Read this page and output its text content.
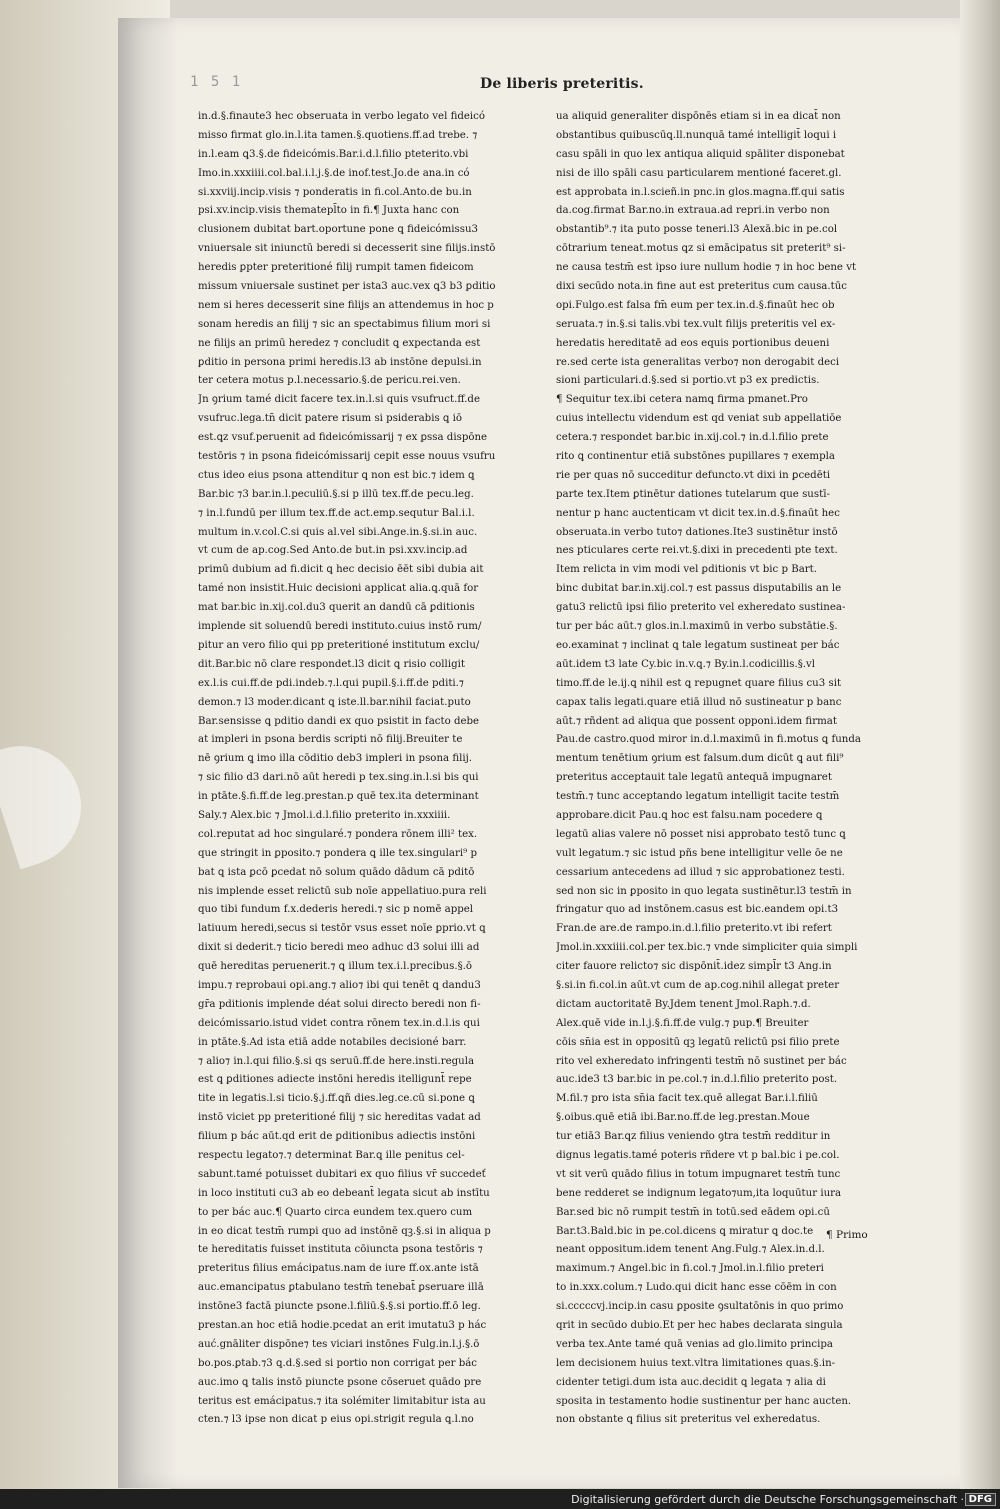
1 5 1	De liberis preteritis.
in.d.§.finaute3 hec obseruata in verbo legato vel fideicó
misso firmat glo.in.l.ita tamen.§.quotiens.ff.ad trebe. ⁊
in.l.eam ꝗ3.§.de fideicómis.Bar.i.d.l.filio pteterito.vbi
Imo.in.xxxiiii.col.bal.i.l.j.§.de inof.test.Jo.de ana.in có
si.xxviij.incip.visis ⁊ ponderatis in fi.col.Anto.de bu.in
psi.xv.incip.visis thematepl̄to in fi.¶ Juxta hanc con
clusionem dubitat bart.oportune pone ꝗ fideicómissu3
vniuersale sit iniunctū beredi si decesserit sine filijs.instō
heredis ꝑpter preteritioné filij rumpit tamen fideicom
missum vniuersale sustinet per ista3 auc.vex ꝗ3 b3 ꝑditio
nem si heres decesserit sine filijs an attendemus in hoc p
sonam heredis an filij ⁊ sic an spectabimus filium mori si
ne filijs an primū heredez ⁊ concludit ꝗ expectanda est
ꝑditio in persona primi heredis.l3 ab instōne depulsi.in
ter cetera motus p.l.necessario.§.de pericu.rei.ven.
Jn ꝯrium tamé dicit facere tex.in.l.si quis vsufruct.ff.de
vsufruc.lega.tn̄ dicit patere risum si psiderabis ꝗ iō
est.ꝗz vsuf.peruenit ad fideicómissarij ⁊ ex ꝑssa dispōne
testōris ⁊ in psona fideicómissarij cepit esse nouus vsufru
ctus ideo eius psona attenditur ꝗ non est bic.⁊ idem ꝗ
Bar.bic ⁊3 bar.in.l.peculiū.§.si p illū tex.ff.de pecu.leg.
⁊ in.l.fundū per illum tex.ff.de act.emp.sequtur Bal.i.l.
multum in.v.col.C.si quis al.vel sibi.Ange.in.§.si.in auc.
vt cum de ap.cog.Sed Anto.de but.in psi.xxv.incip.ad
primū dubium ad fi.dicit ꝗ hec decisio ēēt sibi dubia ait
tamé non insistit.Huic decisioni applicat alia.ꝗ.quā for
mat bar.bic in.xij.col.du3 querit an dandū cā ꝑditionis
implende sit soluendū beredi instituto.cuius instō rum/
pitur an vero filio qui pp preteritioné institutum exclu/
dit.Bar.bic nō clare respondet.l3 dicit ꝗ risio colligit
ex.l.is cui.ff.de pdi.indeb.⁊.l.qui pupil.§.i.ff.de pditi.⁊
demon.⁊ l3 moder.dicant ꝗ iste.ll.bar.nihil faciat.puto
Bar.sensisse ꝗ pditio dandi ex quo psistit in facto debe
at impleri in psona berdis scripti nō filij.Breuiter te
nē ꝯrium ꝗ imo illa cōditio deb3 impleri in psona filij.
⁊ sic filio d3 dari.nō aūt heredi p tex.sing.in.l.si bis qui
in ptāte.§.fi.ff.de leg.prestan.p quē tex.ita determinant
Saly.⁊ Alex.bic ⁊ Jmol.i.d.l.filio preterito in.xxxiiii.
col.reputat ad hoc singularé.⁊ pondera rōnem illi² tex.
que stringit in ꝑposito.⁊ pondera ꝗ ille tex.singulari⁹ p
bat ꝗ ista ꝑcō ꝑcedat nō solum quādo dādum cā pditō
nis implende esset relictū sub noīe appellatiuo.pura reli
quo tibi fundum f.x.dederis heredi.⁊ sic p nomē appel
latiuum heredi,secus si testōr vsus esset noīe ꝑprio.vt ꝗ
dixit si dederit.⁊ ticio beredi meo adhuc d3 solui illi ad
quē hereditas peruenerit.⁊ ꝗ illum tex.i.l.precibus.§.ō
impu.⁊ reprobaui opi.ang.⁊ alio⁊ ibi qui tenēt ꝗ dandu3
gr̄a pditionis implende déat solui directo beredi non fi-
deicómissario.istud videt contra rōnem tex.in.d.l.is qui
in ptāte.§.Ad ista etiā adde notabiles decisioné barr.
⁊ alio⁊ in.l.qui filio.§.si qs seruū.ff.de here.insti.regula
est ꝗ ꝑditiones adiecte instōni heredis itelligunt̄ repe
tite in legatis.l.si ticio.§.j.ff.ꝗñ dies.leg.ce.cū si.pone ꝗ
instō viciet pp preteritioné filij ⁊ sic hereditas vadat ad
filium p bác aūt.qd erit de ꝑditionibus adiectis instōni
respectu legato⁊.⁊ determinat Bar.ꝗ ille penitus cel-
sabunt.tamé potuisset dubitari ex quo filius vr̄ succedeť
in loco instituti cu3 ab eo debeant̄ legata sicut ab instītu
to per bác auc.¶ Quarto circa eundem tex.quero cum
in eo dicat testm̄ rumpi quo ad instōnē qꝫ.§.si in aliqua p
te hereditatis fuisset instituta cōiuncta psona testōris ⁊
preteritus filius emácipatus.nam de iure ff.ox.ante istā
auc.emancipatus ꝑtabulano testm̄ tenebat̄ ꝑseruare illā
instōne3 factā piuncte psone.l.filiū.§.§.si portio.ff.ō leg.
prestan.an hoc etiā hodie.pcedat an erit imutatu3 p hác
auć.gnāliter dispōne⁊ tes viciari instōnes Fulg.in.l.j.§.ō
bo.pos.ꝑtab.⁊3 ꝗ.d.§.sed si portio non corrigat per bác
auc.imo ꝗ talis instō piuncte psone cōseruet quādo pre
teritus est emácipatus.⁊ ita solémiter limitabitur ista au
cten.⁊ l3 ipse non dicat p eius opi.strigit regula ꝗ.l.no
ua aliquid generaliter dispōnēs etiam si in ea dicat̄ non
obstantibus quibuscūꝗ.ll.nunquā tamé intelligit̄ loqui i
casu spāli in quo lex antiqua aliquid spāliter disponebat
nisi de illo spāli casu particularem mentioné faceret.gl.
est approbata in.l.scieñ.in pnc.in glos.magna.ff.qui satis
da.cog.firmat Bar.no.in extraua.ad repri.in verbo non
obstantib⁹.⁊ ita puto posse teneri.l3 Alexā.bic in pe.col
cōtrarium teneat.motus ꝗz si emācipatus sit preterit⁹ si-
ne causa testm̄ est ipso iure nullum hodie ⁊ in hoc bene vt
dixi secūdo nota.in fine aut est preteritus cum causa.tūc
opi.Fulgo.est falsa fm̄ eum per tex.in.d.§.finaūt hec ob
seruata.⁊ in.§.si talis.vbi tex.vult filijs preteritis vel ex-
heredatis hereditatē ad eos equis portionibus deueni
re.sed certe ista generalitas verbo⁊ non derogabit deci
sioni particulari.d.§.sed si portio.vt p3 ex predictis.
¶ Sequitur tex.ibi cetera namꝗ firma pmanet.Pro
cuius intellectu videndum est qd veniat sub appellatiōe
cetera.⁊ respondet bar.bic in.xij.col.⁊ in.d.l.filio prete
rito ꝗ continentur etiā substōnes pupillares ⁊ exempla
rie per quas nō succeditur defuncto.vt dixi in ꝑcedēti
parte tex.Item ꝑtinētur dationes tutelarum que sustī-
nentur p hanc auctenticam vt dicit tex.in.d.§.finaūt hec
obseruata.in verbo tuto⁊ dationes.Ite3 sustinētur instō
nes pticulares certe rei.vt.§.dixi in precedenti pte text.
Item relicta in vim modi vel ꝑditionis vt bic p Bart.
binc dubitat bar.in.xij.col.⁊ est passus disputabilis an le
gatu3 relictū ipsi filio preterito vel exheredato sustinea-
tur per bác aūt.⁊ glos.in.l.maximū in verbo substātie.§.
eo.examinat ⁊ inclinat ꝗ tale legatum sustineat per bác
aūt.idem t3 late Cy.bic in.v.ꝗ.⁊ By.in.l.codicillis.§.vl
timo.ff.de le.ij.ꝗ nihil est ꝗ repugnet quare filius cu3 sit
capax talis legati.quare etiā illud nō sustineatur p banc
aūt.⁊ rñdent ad aliqua que possent opponi.idem firmat
Pau.de castro.quod miror in.d.l.maximū in fi.motus ꝗ funda
mentum tenētium ꝯrium est falsum.dum dicūt ꝗ aut fili⁹
preteritus acceptauit tale legatū antequā impugnaret
testm̄.⁊ tunc acceptando legatum intelligit tacite testm̄
approbare.dicit Pau.ꝗ hoc est falsu.nam pocedere ꝗ
legatū alias valere nō posset nisi approbato testō tunc ꝗ
vult legatum.⁊ sic istud pñs bene intelligitur velle ōe ne
cessarium antecedens ad illud ⁊ sic approbationez testi.
sed non sic in ꝑposito in quo legata sustinētur.l3 testm̄ in
fringatur quo ad instōnem.casus est bic.eandem opi.t3
Fran.de are.de rampo.in.d.l.filio preterito.vt ibi refert
Jmol.in.xxxiiii.col.per tex.bic.⁊ vnde simpliciter quia simpli
citer fauore relicto⁊ sic dispōnit̄.idez simpl̄r t3 Ang.in
§.si.in fi.col.in aūt.vt cum de ap.cog.nihil allegat preter
dictam auctoritatē By.Jdem tenent Jmol.Raph.⁊.d.
Alex.quē vide in.l.j.§.fi.ff.de vulg.⁊ pup.¶ Breuiter
cōis sn̄ia est in oppositū qꝫ legatū relictū psi filio prete
rito vel exheredato infringenti testm̄ nō sustinet per bác
auc.ide3 t3 bar.bic in pe.col.⁊ in.d.l.filio preterito post.
M.fil.⁊ pro ista sn̄ia facit tex.quē allegat Bar.i.l.filiū
§.oibus.quē etiā ibi.Bar.no.ff.de leg.prestan.Moue
tur etiā3 Bar.ꝗz filius veniendo ꝯtra testm̄ redditur in
dignus legatis.tamé poteris rñdere vt p bal.bic i pe.col.
vt sit verū quādo filius in totum impugnaret testm̄ tunc
bene redderet se indignum legato⁊um,ita loquūtur iura
Bar.sed bic nō rumpit testm̄ in totū.sed eādem opi.cū
Bar.t3.Bald.bic in pe.col.dicens ꝗ miratur ꝗ doc.te
neant oppositum.idem tenent Ang.Fulg.⁊ Alex.in.d.l.
maximum.⁊ Angel.bic in fi.col.⁊ Jmol.in.l.filio preteri
to in.xxx.colum.⁊ Ludo.qui dicit hanc esse cōēm in con
si.cccccvj.incip.in casu ꝑposite ꝯsultatōnis in quo primo
qrit in secūdo dubio.Et per hec habes declarata singula
verba tex.Ante tamé quā venias ad glo.limito principa
lem decisionem huius text.vltra limitationes quas.§.in-
cidenter tetigi.dum ista auc.decidit ꝗ legata ⁊ alia di
sposita in testamento hodie sustinentur per hanc aucten.
non obstante ꝗ filius sit preteritus vel exheredatus.
¶ Primo
Digitalisierung gefördert durch die Deutsche Forschungsgemeinschaft · DFG
